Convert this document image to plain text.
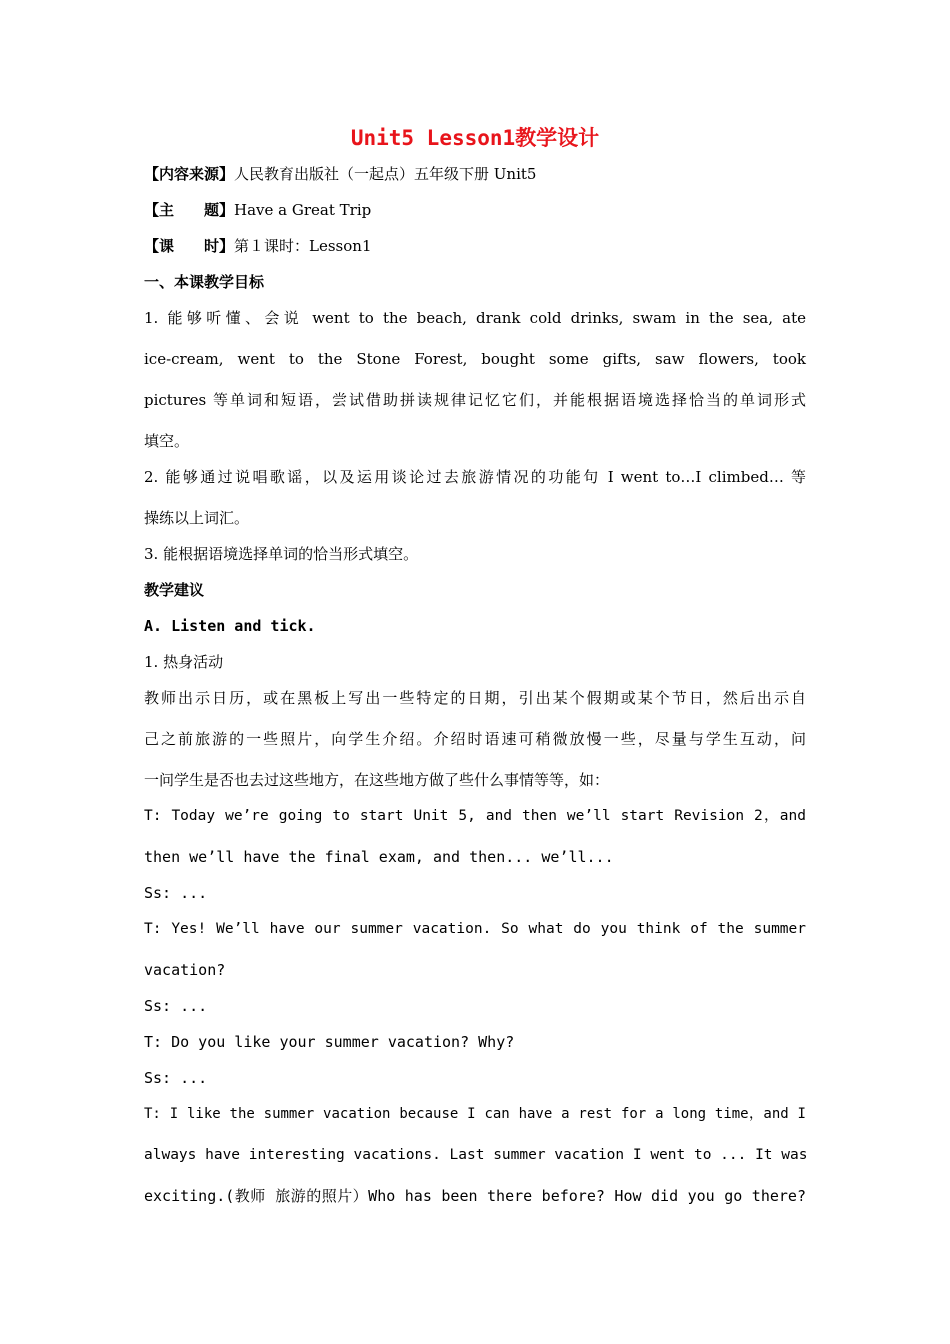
Unit5 Lesson1教学设计
【内容来源】人民教育出版社（一起点）五年级下册 Unit5
【主　　题】Have a Great Trip
【课　　时】第１课时：Lesson1
一、本课教学目标
1. 能够听懂、会说 went to the beach, drank cold drinks, swam in the sea, ate
ice-cream, went to the Stone Forest, bought some gifts, saw flowers, took
pictures 等单词和短语，尝试借助拼读规律记忆它们，并能根据语境选择恰当的单词形式
填空。
2. 能够通过说唱歌谣，以及运用谈论过去旅游情况的功能句 I went to…I climbed… 等
操练以上词汇。
3. 能根据语境选择单词的恰当形式填空。
教学建议
A. Listen and tick.
1. 热身活动
教师出示日历，或在黑板上写出一些特定的日期，引出某个假期或某个节日，然后出示自
己之前旅游的一些照片，向学生介绍。介绍时语速可稍微放慢一些，尽量与学生互动，问
一问学生是否也去过这些地方，在这些地方做了些什么事情等等，如：
T: Today we’re going to start Unit 5, and then we’ll start Revision 2，and
then we’ll have the final exam, and then... we’ll...
Ss: ...
T: Yes! We’ll have our summer vacation. So what do you think of the summer
vacation?
Ss: ...
T: Do you like your summer vacation? Why?
Ss: ...
T: I like the summer vacation because I can have a rest for a long time，and I
always have interesting vacations. Last summer vacation I went to ... It was
exciting.(教师 旅游的照片）Who has been there before? How did you go there?
